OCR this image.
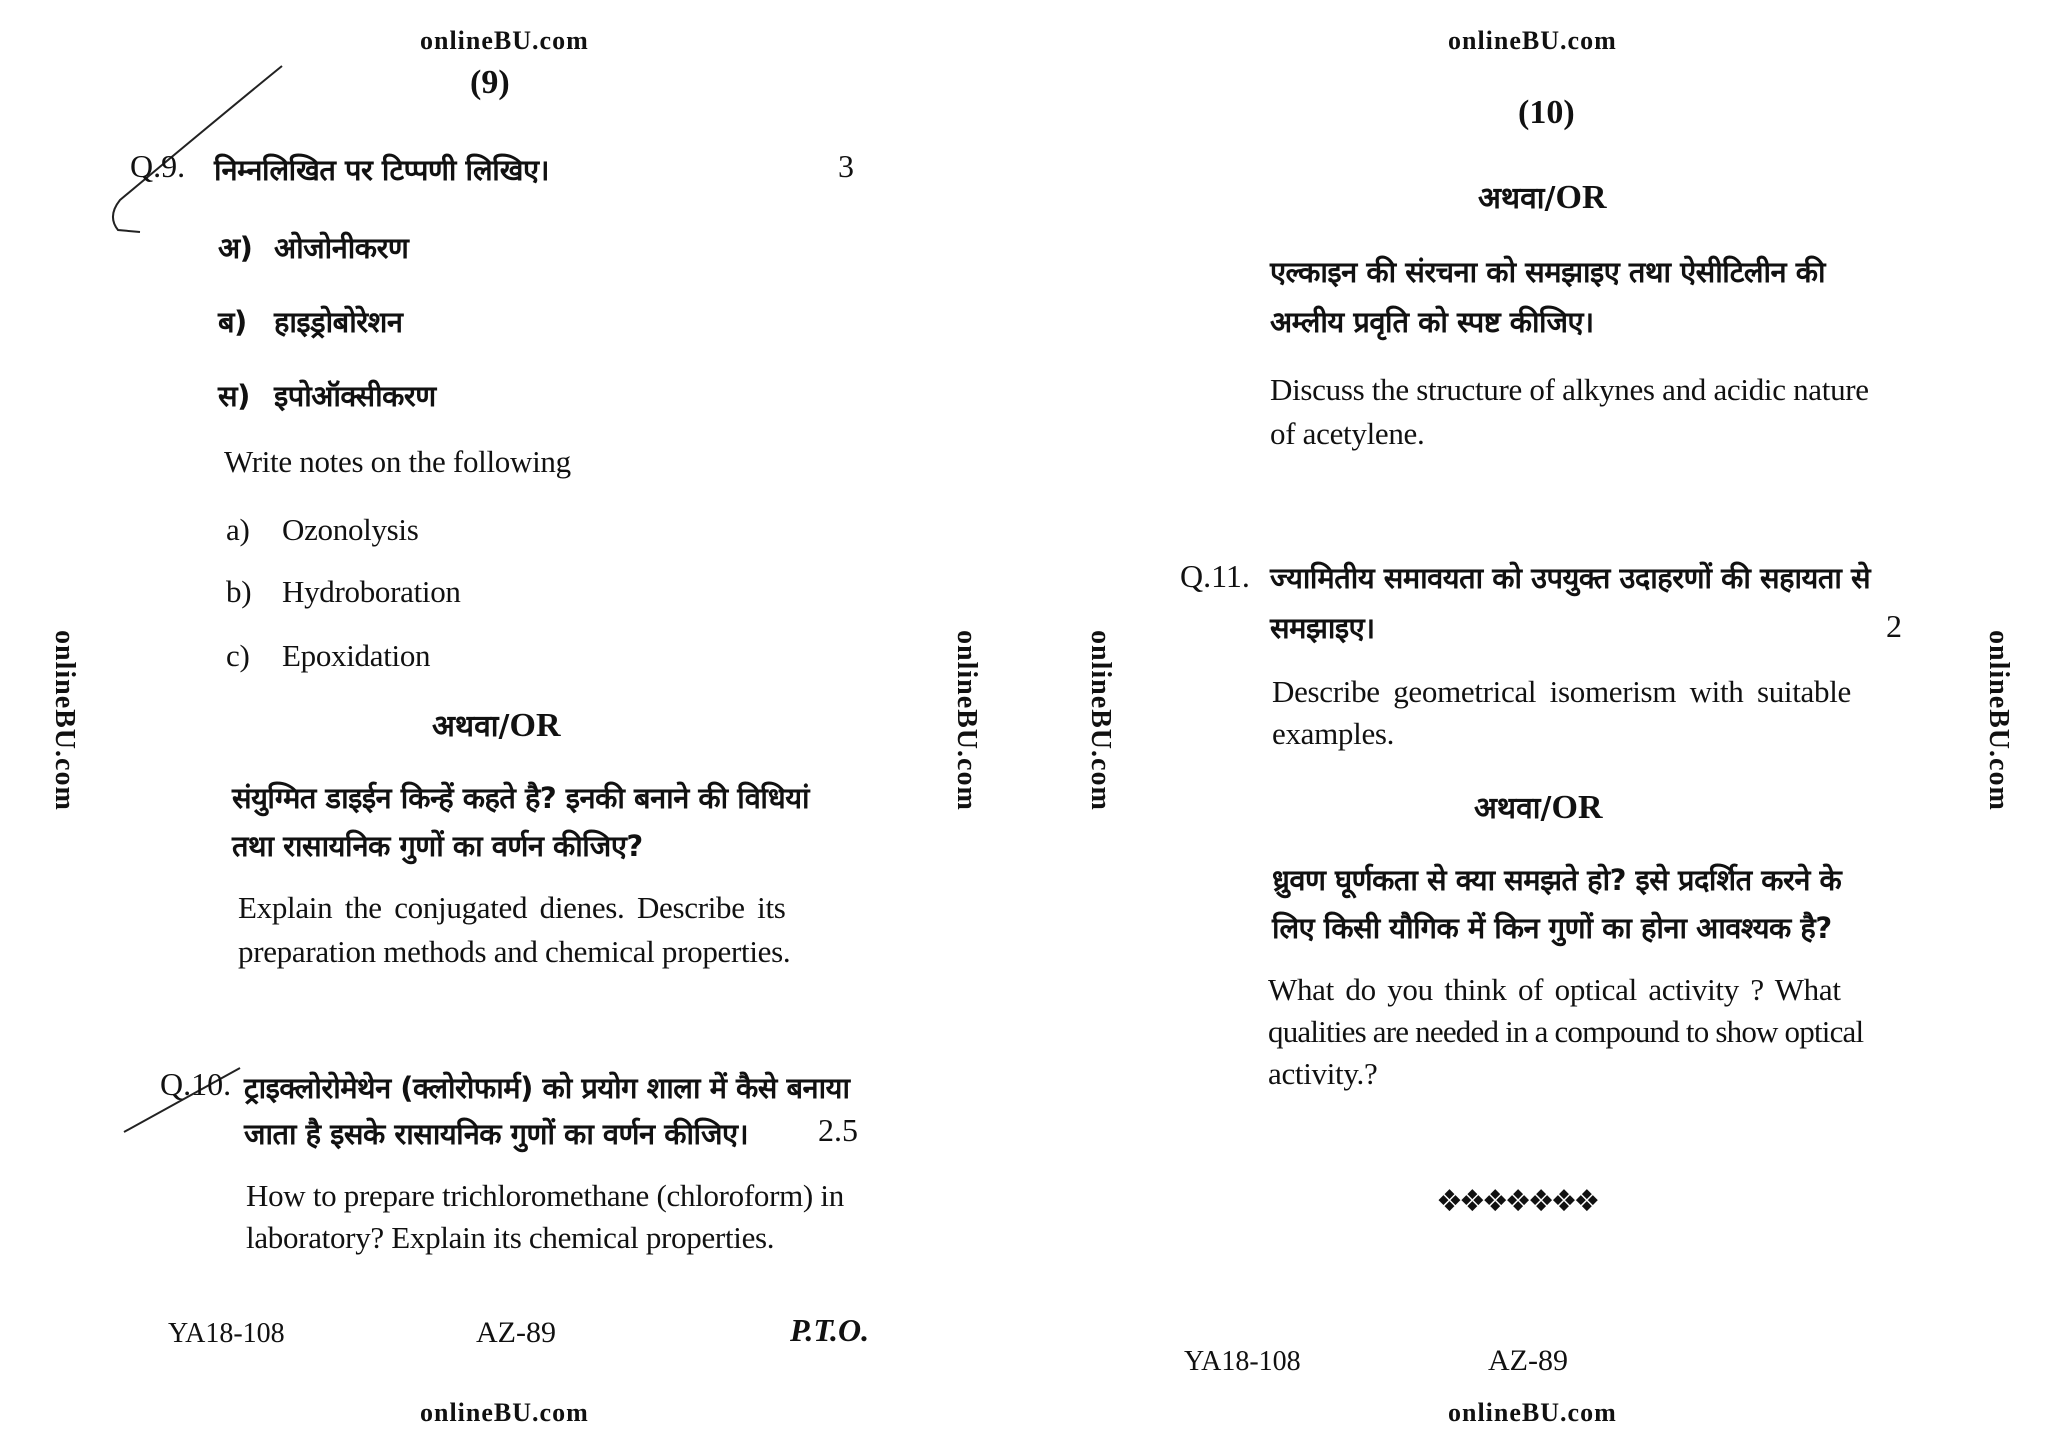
onlineBU.com
(9)
onlineBU.com	onlineBU.com
Q.9. निम्नलिखित पर टिप्पणी लिखिए।	3
अ) ओजोनीकरण
ब) हाइड्रोबोरेशन
स) इपोऑक्सीकरण
Write notes on the following
a) Ozonolysis
b) Hydroboration
c) Epoxidation
अथवा/OR
संयुग्मित डाइईन किन्हें कहते है? इनकी बनाने की विधियां
तथा रासायनिक गुणों का वर्णन कीजिए?
Explain the conjugated dienes. Describe its
preparation methods and chemical properties.
Q.10. ट्राइक्लोरोमेथेन (क्लोरोफार्म) को प्रयोग शाला में कैसे बनाया
जाता है इसके रासायनिक गुणों का वर्णन कीजिए। 2.5
How to prepare trichloromethane (chloroform) in
laboratory? Explain its chemical properties.
YA18-108	AZ-89	P.T.O.
onlineBU.com
onlineBU.com
(10)
onlineBU.com	onlineBU.com
अथवा/OR
एल्काइन की संरचना को समझाइए तथा ऐसीटिलीन की
अम्लीय प्रवृति को स्पष्ट कीजिए।
Discuss the structure of alkynes and acidic nature
of acetylene.
Q.11. ज्यामितीय समावयता को उपयुक्त उदाहरणों की सहायता से
समझाइए।	2
Describe geometrical isomerism with suitable
examples.
अथवा/OR
ध्रुवण घूर्णकता से क्या समझते हो? इसे प्रदर्शित करने के
लिए किसी यौगिक में किन गुणों का होना आवश्यक है?
What do you think of optical activity ? What
qualities are needed in a compound to show optical
activity.?
❖❖❖❖❖❖❖
YA18-108	AZ-89
onlineBU.com
